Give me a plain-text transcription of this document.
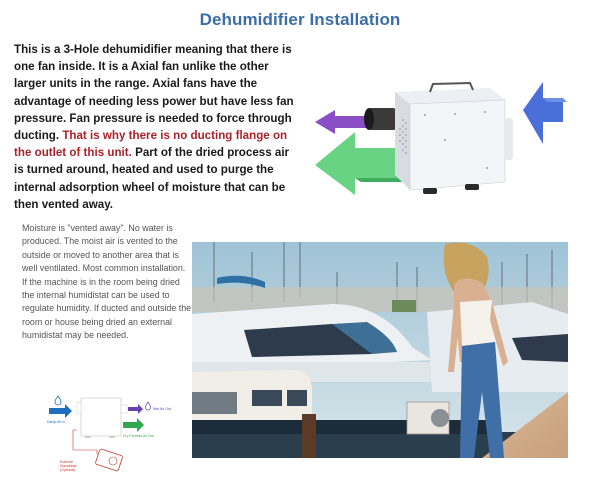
Dehumidifier Installation
This is a 3-Hole dehumidifier meaning that there is one fan inside. It is a Axial fan unlike the other larger units in the range. Axial fans have the advantage of needing less power but have less fan pressure. Fan pressure is needed to force through ducting. That is why there is no ducting flange on the outlet of this unit. Part of the dried process air is turned around, heated and used to purge the internal adsorption wheel of moisture that can be then vented away.
Moisture is "vented away". No water is produced. The moist air is vented to the outside or moved to another area that is well ventilated. Most common installation. If the machine is in the room being dried the internal humidistat can be used to regulate humidity. If ducted and outside the room or house being dried an external humidistat may be needed.
Damp Air In
Wet Air Out
Dry Process Air Out
External Humidistat (Optional)
